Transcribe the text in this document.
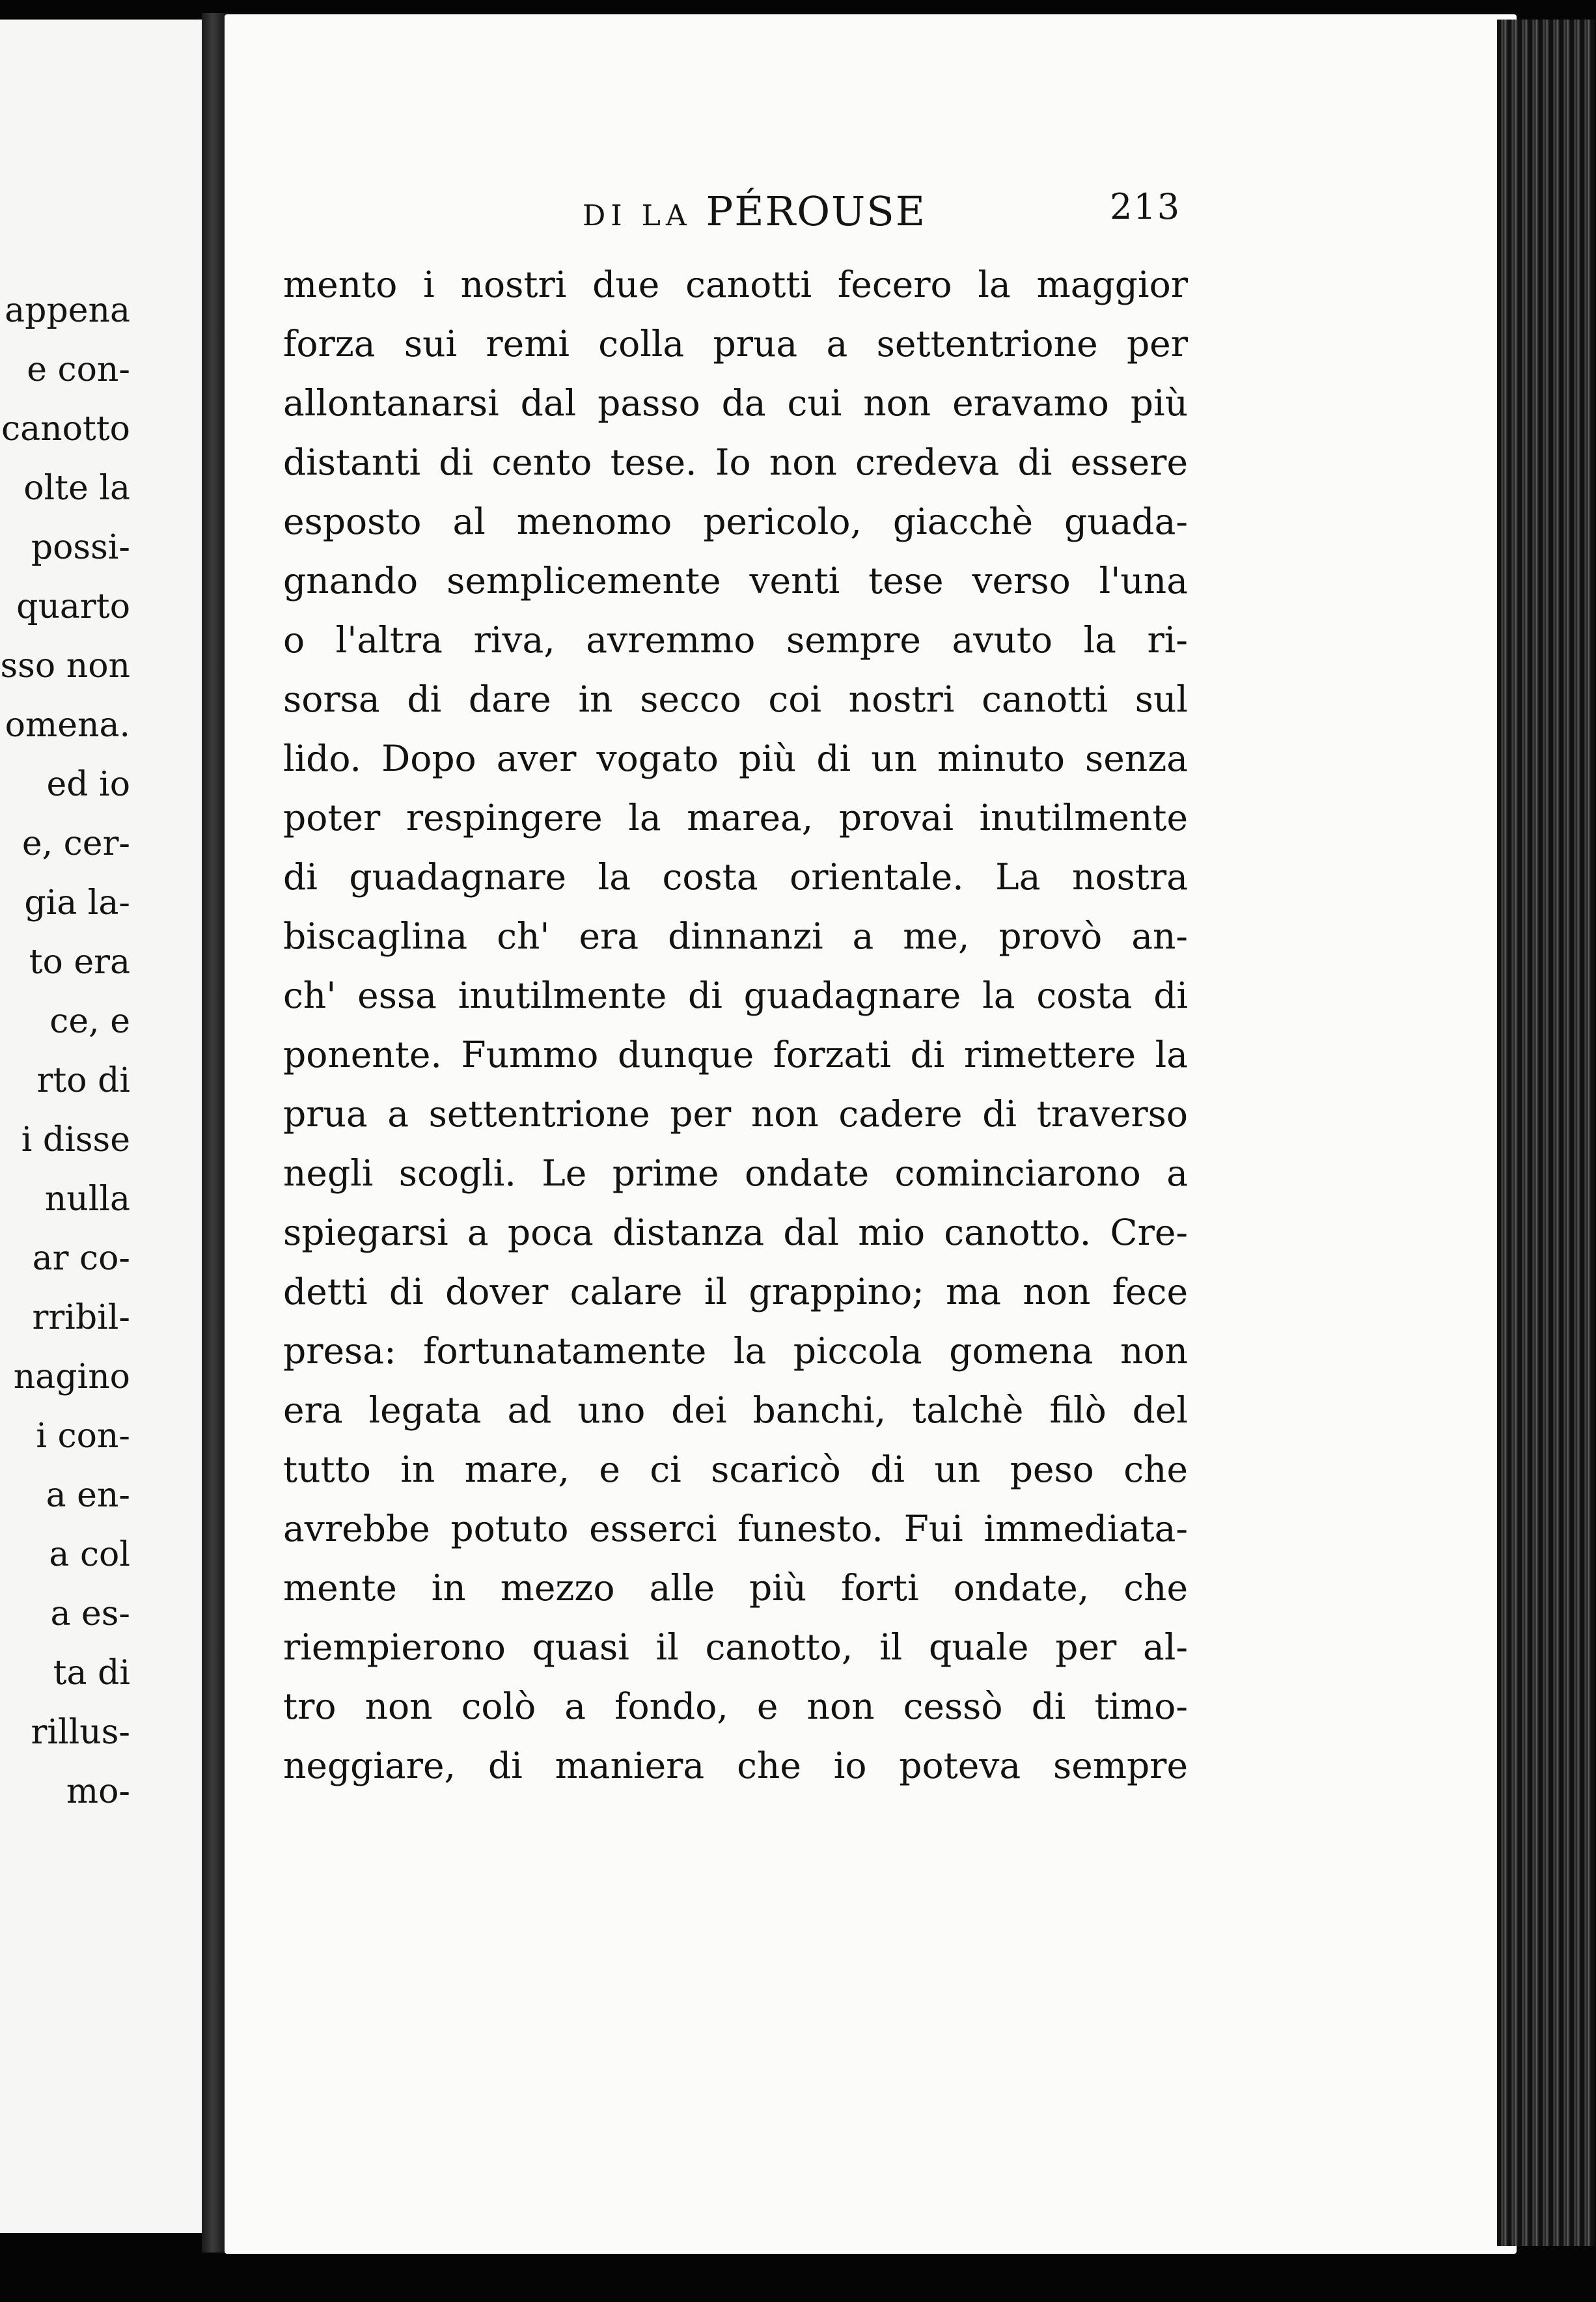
appena
e con-
canotto
olte la
possi-
quarto
sso non
omena.
ed io
e, cer-
gia la-
to era
ce, e
rto di
i disse
nulla
ar co-
rribil-
nagino
i con-
a en-
a col
a es-
ta di
rillus-
mo-
DI LA PÉROUSE	213
mento i nostri due canotti fecero la maggior
forza sui remi colla prua a settentrione per
allontanarsi dal passo da cui non eravamo più
distanti di cento tese. Io non credeva di essere
esposto al menomo pericolo, giacchè guada-
gnando semplicemente venti tese verso l'una
o l'altra riva, avremmo sempre avuto la ri-
sorsa di dare in secco coi nostri canotti sul
lido. Dopo aver vogato più di un minuto senza
poter respingere la marea, provai inutilmente
di guadagnare la costa orientale. La nostra
biscaglina ch' era dinnanzi a me, provò an-
ch' essa inutilmente di guadagnare la costa di
ponente. Fummo dunque forzati di rimettere la
prua a settentrione per non cadere di traverso
negli scogli. Le prime ondate cominciarono a
spiegarsi a poca distanza dal mio canotto. Cre-
detti di dover calare il grappino; ma non fece
presa: fortunatamente la piccola gomena non
era legata ad uno dei banchi, talchè filò del
tutto in mare, e ci scaricò di un peso che
avrebbe potuto esserci funesto. Fui immediata-
mente in mezzo alle più forti ondate, che
riempierono quasi il canotto, il quale per al-
tro non colò a fondo, e non cessò di timo-
neggiare, di maniera che io poteva sempre
